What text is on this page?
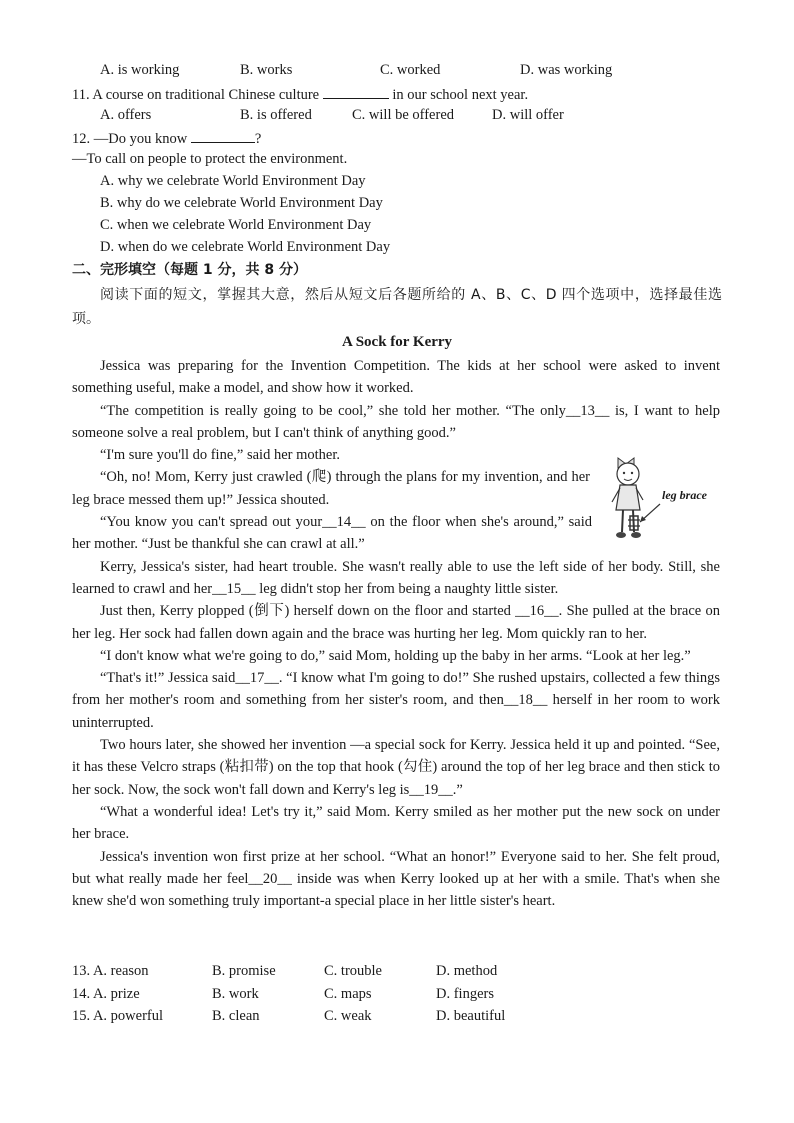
A. is working	B. works	C. worked	D. was working
11. A course on traditional Chinese culture	in our school next year.
A. offers	B. is offered	C. will be offered	D. will offer
12. —Do you know	?
—To call on people to protect the environment.
A. why we celebrate World Environment Day
B. why do we celebrate World Environment Day
C. when we celebrate World Environment Day
D. when do we celebrate World Environment Day
二、完形填空（每题 1 分，共 8 分）
阅读下面的短文，掌握其大意，然后从短文后各题所给的 A、B、C、D 四个选项中，选择最佳选项。
A Sock for Kerry

Jessica was preparing for the Invention Competition. The kids at her school were asked to invent something useful, make a model, and show how it worked.

“The competition is really going to be cool,” she told her mother. “The only__13__ is, I want to help someone solve a real problem, but I can't think of anything good.”

“I'm sure you'll do fine,” said her mother.

“Oh, no! Mom, Kerry just crawled (爬) through the plans for my invention, and her leg brace messed them up!” Jessica shouted.

“You know you can't spread out your__14__ on the floor when she's around,” said her mother. “Just be thankful she can crawl at all.”

Kerry, Jessica's sister, had heart trouble. She wasn't really able to use the left side of her body. Still, she learned to crawl and her__15__ leg didn't stop her from being a naughty little sister.

Just then, Kerry plopped (倒下) herself down on the floor and started __16__. She pulled at the brace on her leg. Her sock had fallen down again and the brace was hurting her leg. Mom quickly ran to her.

“I don't know what we're going to do,” said Mom, holding up the baby in her arms. “Look at her leg.”

“That's it!” Jessica said__17__. “I know what I'm going to do!” She rushed upstairs, collected a few things from her mother's room and something from her sister's room, and then__18__ herself in her room to work uninterrupted.

Two hours later, she showed her invention —a special sock for Kerry. Jessica held it up and pointed. “See, it has these Velcro straps (粘扣带) on the top that hook (勾住) around the top of her leg brace and then stick to her sock. Now, the sock won't fall down and Kerry's leg is__19__.”

“What a wonderful idea! Let's try it,” said Mom. Kerry smiled as her mother put the new sock on under her brace.

Jessica's invention won first prize at her school. “What an honor!” Everyone said to her. She felt proud, but what really made her feel__20__ inside was when Kerry looked up at her with a smile. That's when she knew she'd won something truly important-a special place in her little sister's heart.

leg brace
13. A. reason	B. promise	C. trouble	D. method
14. A. prize	B. work	C. maps	D. fingers
15. A. powerful	B. clean	C. weak	D. beautiful
